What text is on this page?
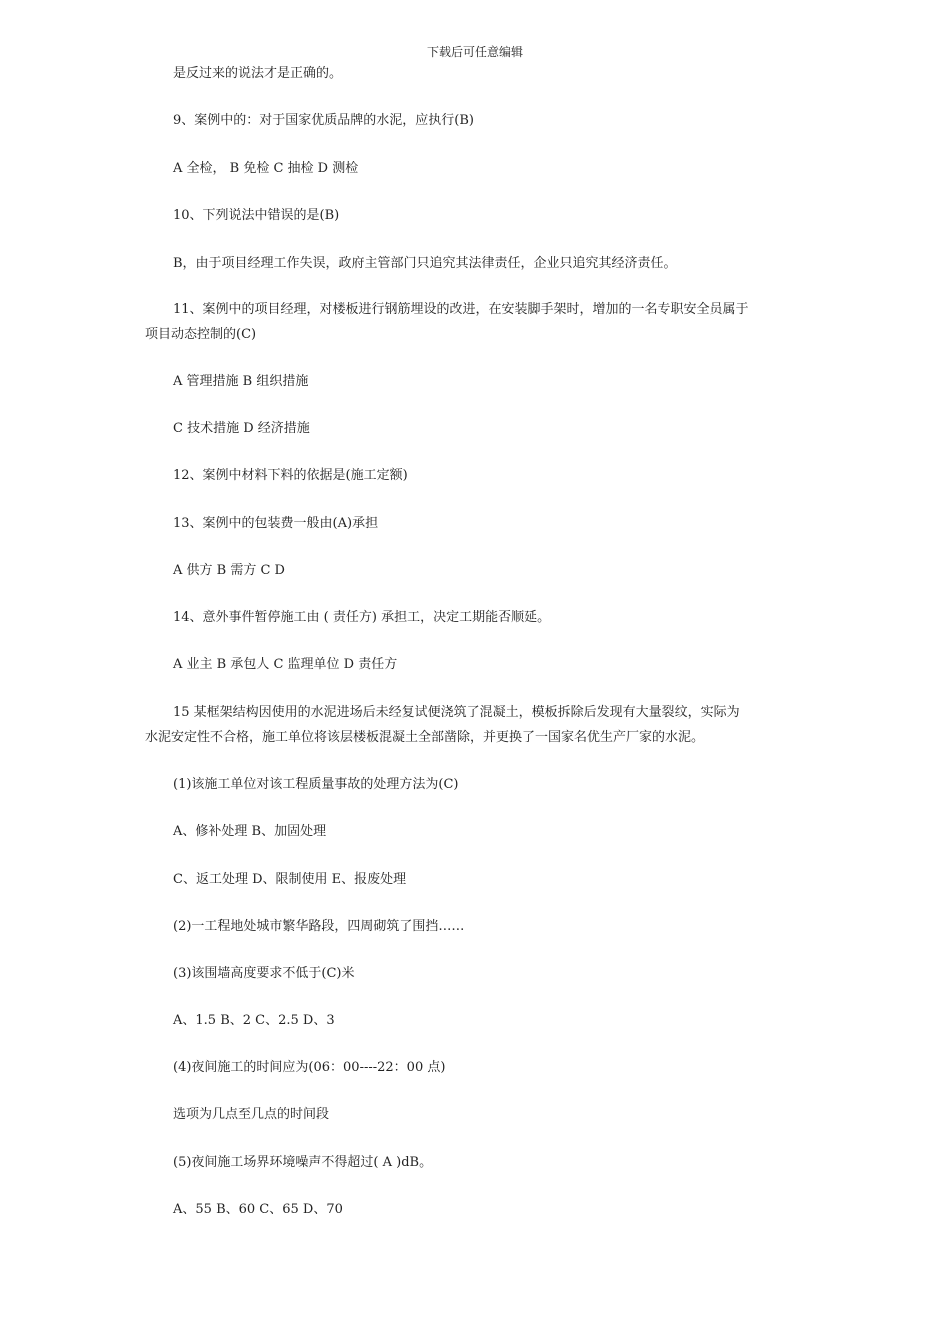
下载后可任意编辑
是反过来的说法才是正确的。
9、案例中的：对于国家优质品牌的水泥，应执行(B)
A 全检， B 免检 C 抽检 D 测检
10、下列说法中错误的是(B)
B，由于项目经理工作失误，政府主管部门只追究其法律责任，企业只追究其经济责任。
11、案例中的项目经理，对楼板进行钢筋埋设的改进，在安装脚手架时，增加的一名专职安全员属于
项目动态控制的(C)
A 管理措施 B 组织措施
C 技术措施 D 经济措施
12、案例中材料下料的依据是(施工定额)
13、案例中的包装费一般由(A)承担
A 供方 B 需方 C D
14、意外事件暂停施工由 ( 责任方) 承担工，决定工期能否顺延。
A 业主 B 承包人 C 监理单位 D 责任方
15 某框架结构因使用的水泥进场后未经复试便浇筑了混凝土，模板拆除后发现有大量裂纹，实际为
水泥安定性不合格，施工单位将该层楼板混凝土全部凿除，并更换了一国家名优生产厂家的水泥。
(1)该施工单位对该工程质量事故的处理方法为(C)
A、修补处理 B、加固处理
C、返工处理 D、限制使用 E、报废处理
(2)一工程地处城市繁华路段，四周砌筑了围挡……
(3)该围墙高度要求不低于(C)米
A、1.5 B、2 C、2.5 D、3
(4)夜间施工的时间应为(06：00----22：00 点)
选项为几点至几点的时间段
(5)夜间施工场界环境噪声不得超过( A )dB。
A、55 B、60 C、65 D、70
